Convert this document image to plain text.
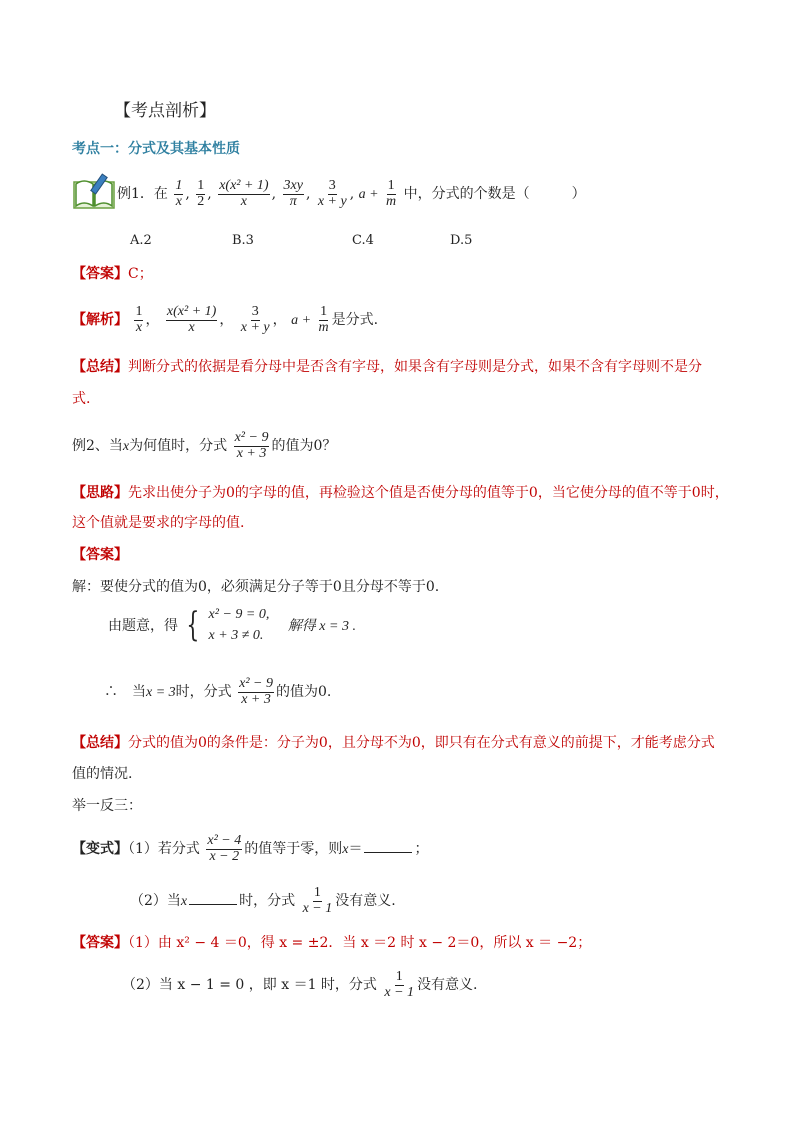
【考点剖析】
考点一：分式及其基本性质
例1．在 $\frac{1}{x}$ , $\frac{1}{2}$ , $\frac{\text{x(x² + 1)}}{x}$ , $\frac{3xy}{\pi}$ , $\frac{3}{x + y}$ , $a + \frac{1}{m}$ 中，分式的个数是（　　　）
A.2	B.3	C.4	D.5
【答案】C；
【解析】 $\frac{1}{x}$ ， $\frac{\text{x(x² + 1)}}{x}$ ， $\frac{3}{x + y}$ ， $a + \frac{1}{m}$ 是分式.
【总结】判断分式的依据是看分母中是否含有字母，如果含有字母则是分式，如果不含有字母则不是分
式.
例2、当x为何值时，分式 $\frac{\text{x² − 9}}{x + 3}$ 的值为0？
【思路】先求出使分子为0的字母的值，再检验这个值是否使分母的值等于0，当它使分母的值不等于0时，
这个值就是要求的字母的值.
【答案】
解：要使分式的值为0，必须满足分子等于0且分母不等于0.
由题意，得 { x² − 9 = 0,
x + 3 ≠ 0.
解得 x = 3 .
∴　当x = 3时，分式 $\frac{\text{x² − 9}}{x + 3}$ 的值为0.
【总结】分式的值为0的条件是：分子为0，且分母不为0，即只有在分式有意义的前提下，才能考虑分式
值的情况.
举一反三：
【变式】（1）若分式 $\frac{\text{x² − 4}}{x - 2}$ 的值等于零，则x＝	；
（2）当x	时，分式 $\frac{1}{x - 1}$ 没有意义.
【答案】（1）由 x² − 4 ＝0，得 x = ±2．当 x ＝2 时 x − 2＝0，所以 x ＝ −2；
（2）当 x − 1 = 0 ，即 x ＝1 时，分式 $\frac{1}{x - 1}$ 没有意义.
